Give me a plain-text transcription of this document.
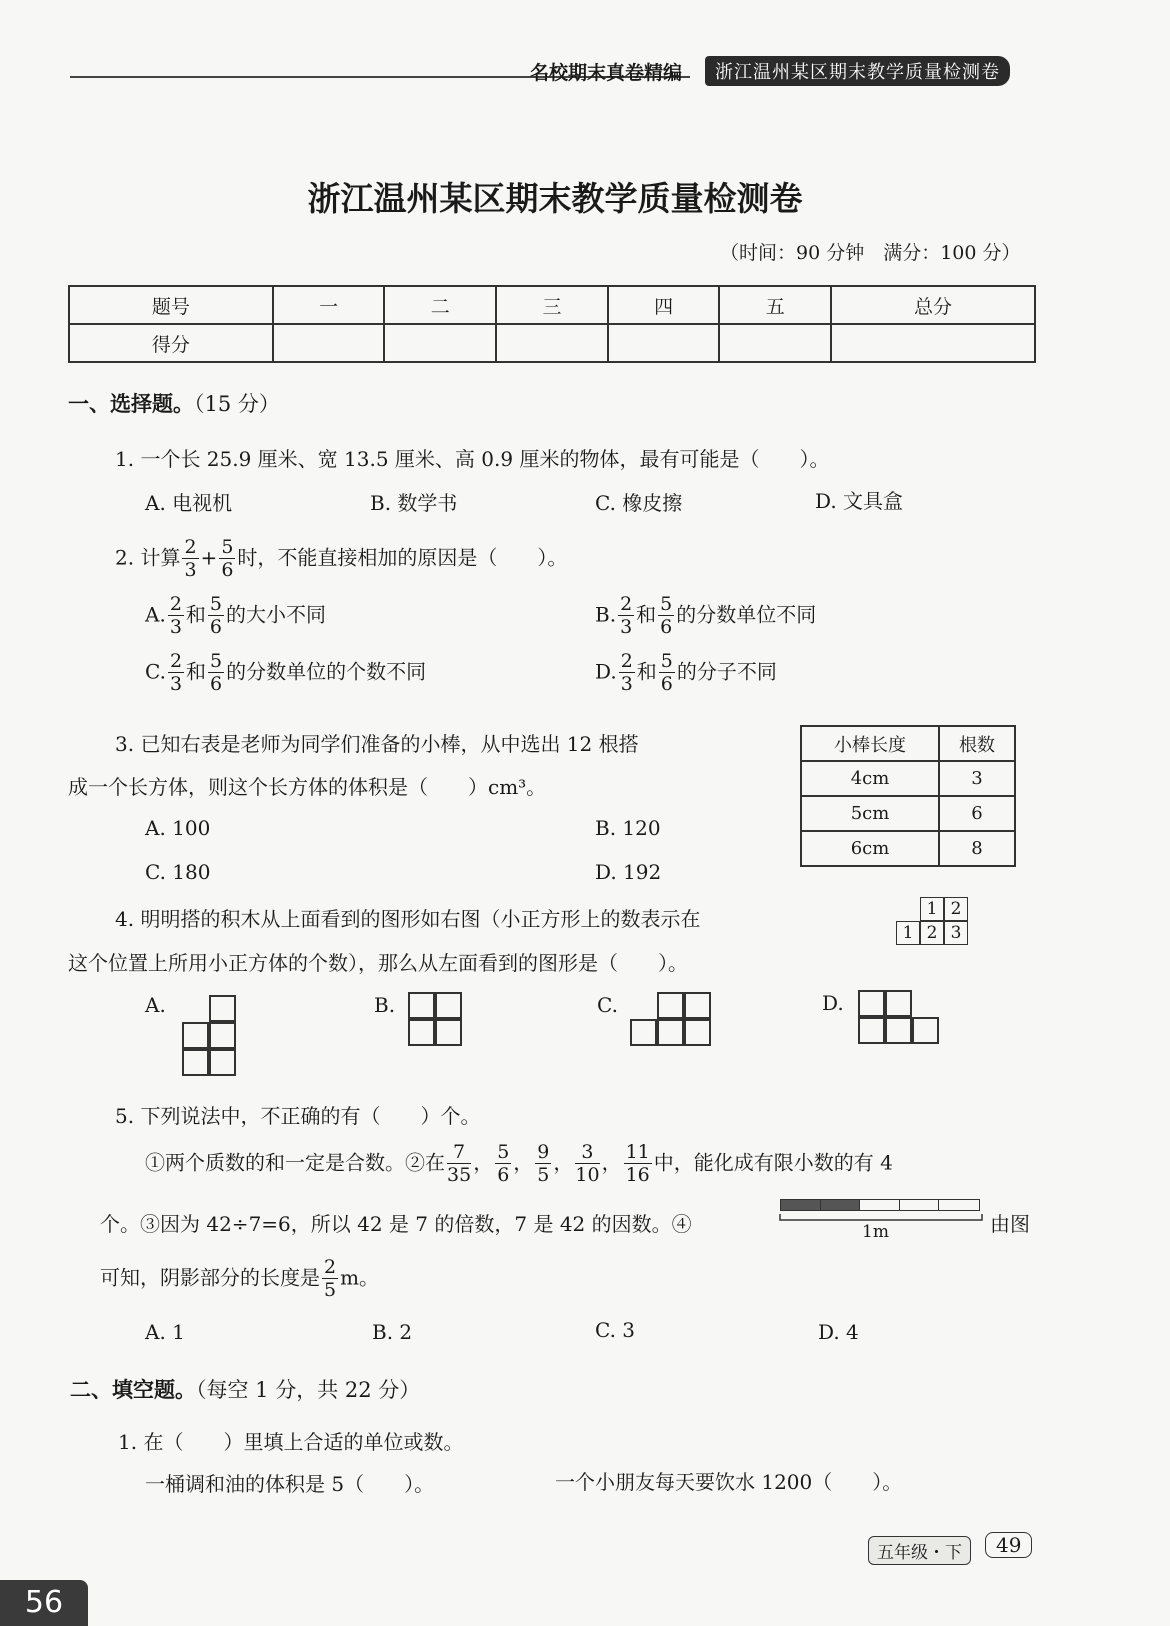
名校期末真卷精编	浙江温州某区期末教学质量检测卷
浙江温州某区期末教学质量检测卷
（时间：90 分钟　满分：100 分）
题号	一	二	三	四	五	总分
得分						
一、选择题。（15 分）
1. 一个长 25.9 厘米、宽 13.5 厘米、高 0.9 厘米的物体，最有可能是（　　）。
A. 电视机	B. 数学书	C. 橡皮擦	D. 文具盒
2. 计算 $\frac{2}{3} + \frac{5}{6}$ 时，不能直接相加的原因是（　　）。
A. $\frac{2}{3}$ 和 $\frac{5}{6}$ 的大小不同	B. $\frac{2}{3}$ 和 $\frac{5}{6}$ 的分数单位不同
C. $\frac{2}{3}$ 和 $\frac{5}{6}$ 的分数单位的个数不同	D. $\frac{2}{3}$ 和 $\frac{5}{6}$ 的分子不同
3. 已知右表是老师为同学们准备的小棒，从中选出 12 根搭
成一个长方体，则这个长方体的体积是（　　）cm³。
A. 100	B. 120
C. 180	D. 192
小棒长度	根数
4cm	3
5cm	6
6cm	8
4. 明明搭的积木从上面看到的图形如右图（小正方形上的数表示在
这个位置上所用小正方体的个数），那么从左面看到的图形是（　　）。
1 2
1 2 3
A.	B.	C.	D.
5. 下列说法中，不正确的有（　　）个。
①两个质数的和一定是合数。②在 $\frac{7}{35}$ ， $\frac{5}{6}$ ， $\frac{9}{5}$ ， $\frac{3}{10}$ ， $\frac{11}{16}$ 中，能化成有限小数的有 4
个。③因为 42÷7=6，所以 42 是 7 的倍数，7 是 42 的因数。④	1m	由图
可知，阴影部分的长度是 $\frac{2}{5}$ m。
A. 1	B. 2	C. 3	D. 4
二、填空题。（每空 1 分，共 22 分）
1. 在（　　）里填上合适的单位或数。
一桶调和油的体积是 5（　　）。	一个小朋友每天要饮水 1200（　　）。
五年级・下	49
56
